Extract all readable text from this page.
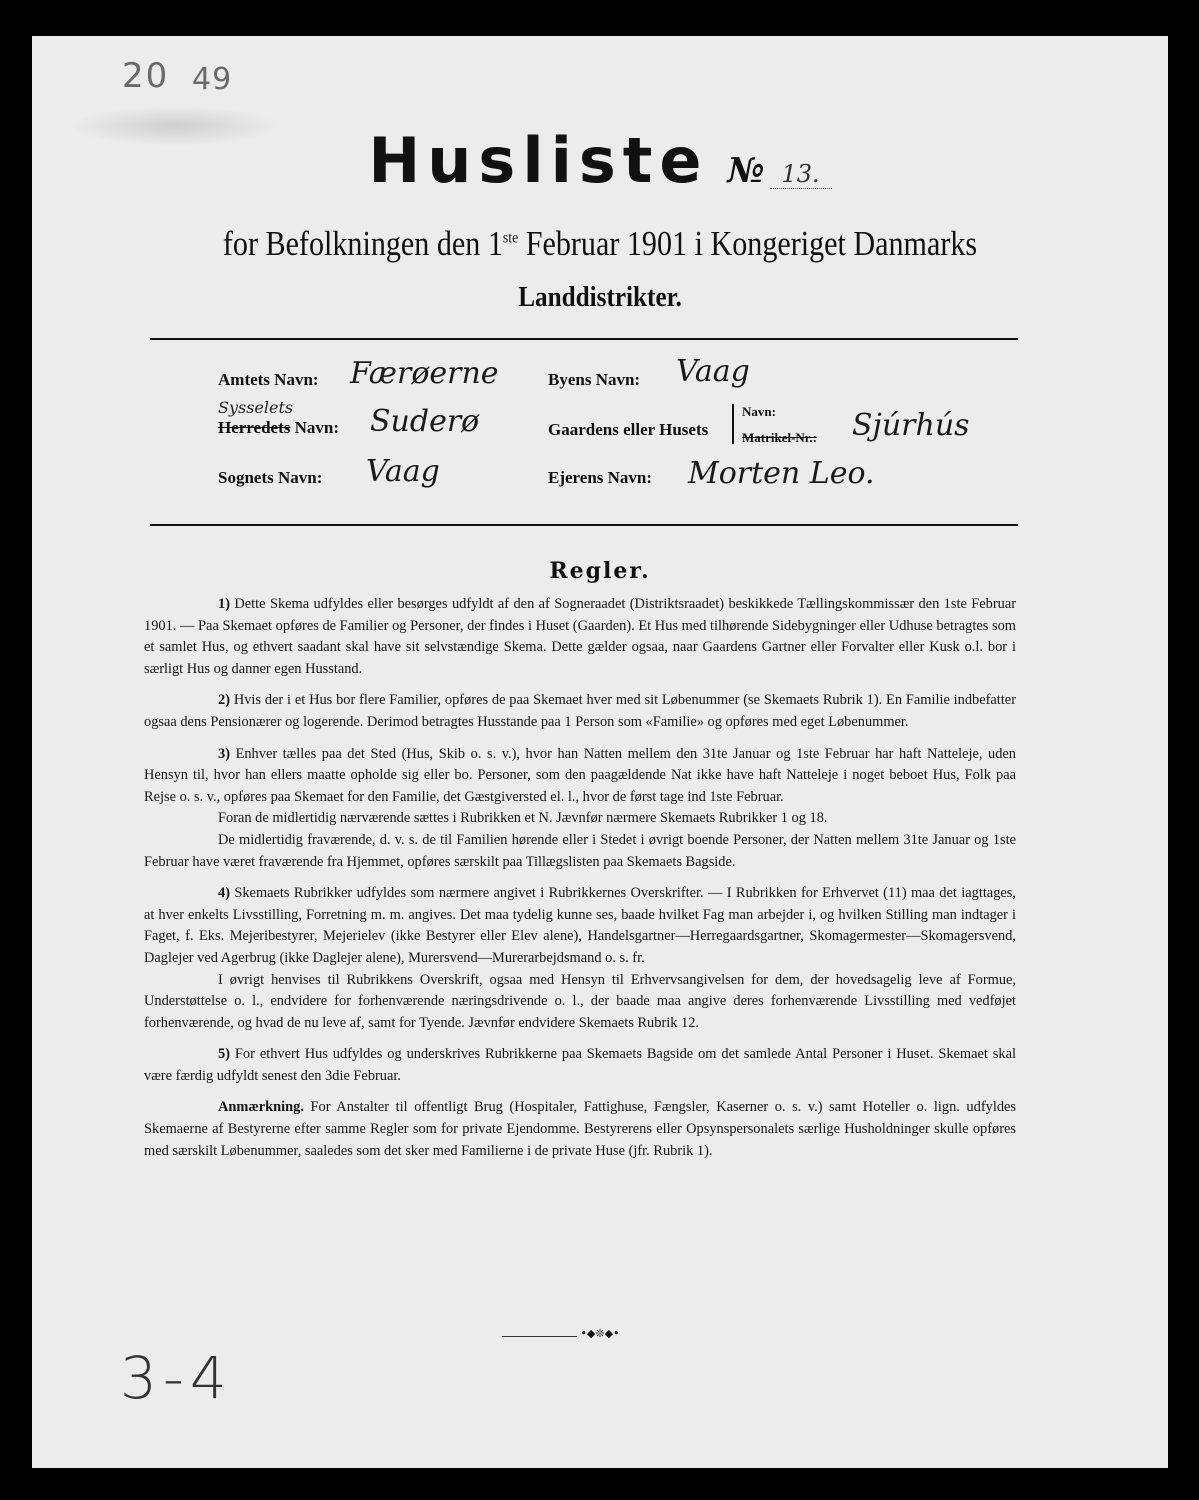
20 49
Husliste № 13.
for Befolkningen den 1ste Februar 1901 i Kongeriget Danmarks
Landdistrikter.
Amtets Navn: Færøerne
Sysselets
Herredets Navn: Suderø
Sognets Navn: Vaag
Byens Navn: Vaag
Gaardens eller Husets
Navn:
Matrikel-Nr.: Sjúrhús
Ejerens Navn: Morten Leo.
Regler.

1) Dette Skema udfyldes eller besørges udfyldt af den af Sogneraadet (Distriktsraadet) beskikkede Tællingskommissær den 1ste Februar 1901. — Paa Skemaet opføres de Familier og Personer, der findes i Huset (Gaarden). Et Hus med tilhørende Sidebygninger eller Udhuse betragtes som et samlet Hus, og ethvert saadant skal have sit selvstændige Skema. Dette gælder ogsaa, naar Gaardens Gartner eller Forvalter eller Kusk o.l. bor i særligt Hus og danner egen Husstand.

2) Hvis der i et Hus bor flere Familier, opføres de paa Skemaet hver med sit Løbenummer (se Skemaets Rubrik 1). En Familie indbefatter ogsaa dens Pensionærer og logerende. Derimod betragtes Husstande paa 1 Person som «Familie» og opføres med eget Løbenummer.

3) Enhver tælles paa det Sted (Hus, Skib o. s. v.), hvor han Natten mellem den 31te Januar og 1ste Februar har haft Natteleje, uden Hensyn til, hvor han ellers maatte opholde sig eller bo. Personer, som den paagældende Nat ikke have haft Natteleje i noget beboet Hus, Folk paa Rejse o. s. v., opføres paa Skemaet for den Familie, det Gæstgiversted el. l., hvor de først tage ind 1ste Februar.

Foran de midlertidig nærværende sættes i Rubrikken et N. Jævnfør nærmere Skemaets Rubrikker 1 og 18.

De midlertidig fraværende, d. v. s. de til Familien hørende eller i Stedet i øvrigt boende Personer, der Natten mellem 31te Januar og 1ste Februar have været fraværende fra Hjemmet, opføres særskilt paa Tillægslisten paa Skemaets Bagside.

4) Skemaets Rubrikker udfyldes som nærmere angivet i Rubrikkernes Overskrifter. — I Rubrikken for Erhvervet (11) maa det iagttages, at hver enkelts Livsstilling, Forretning m. m. angives. Det maa tydelig kunne ses, baade hvilket Fag man arbejder i, og hvilken Stilling man indtager i Faget, f. Eks. Mejeribestyrer, Mejerielev (ikke Bestyrer eller Elev alene), Handelsgartner—Herregaardsgartner, Skomagermester—Skomagersvend, Daglejer ved Agerbrug (ikke Daglejer alene), Murersvend—Murerarbejdsmand o. s. fr.

I øvrigt henvises til Rubrikkens Overskrift, ogsaa med Hensyn til Erhvervsangivelsen for dem, der hovedsagelig leve af Formue, Understøttelse o. l., endvidere for forhenværende næringsdrivende o. l., der baade maa angive deres forhenværende Livsstilling med vedføjet forhenværende, og hvad de nu leve af, samt for Tyende. Jævnfør endvidere Skemaets Rubrik 12.

5) For ethvert Hus udfyldes og underskrives Rubrikkerne paa Skemaets Bagside om det samlede Antal Personer i Huset. Skemaet skal være færdig udfyldt senest den 3die Februar.

Anmærkning. For Anstalter til offentligt Brug (Hospitaler, Fattighuse, Fængsler, Kaserner o. s. v.) samt Hoteller o. lign. udfyldes Skemaerne af Bestyrerne efter samme Regler som for private Ejendomme. Bestyrerens eller Opsynspersonalets særlige Husholdninger skulle opføres med særskilt Løbenummer, saaledes som det sker med Familierne i de private Huse (jfr. Rubrik 1).

•◆❊◆•
3-4
